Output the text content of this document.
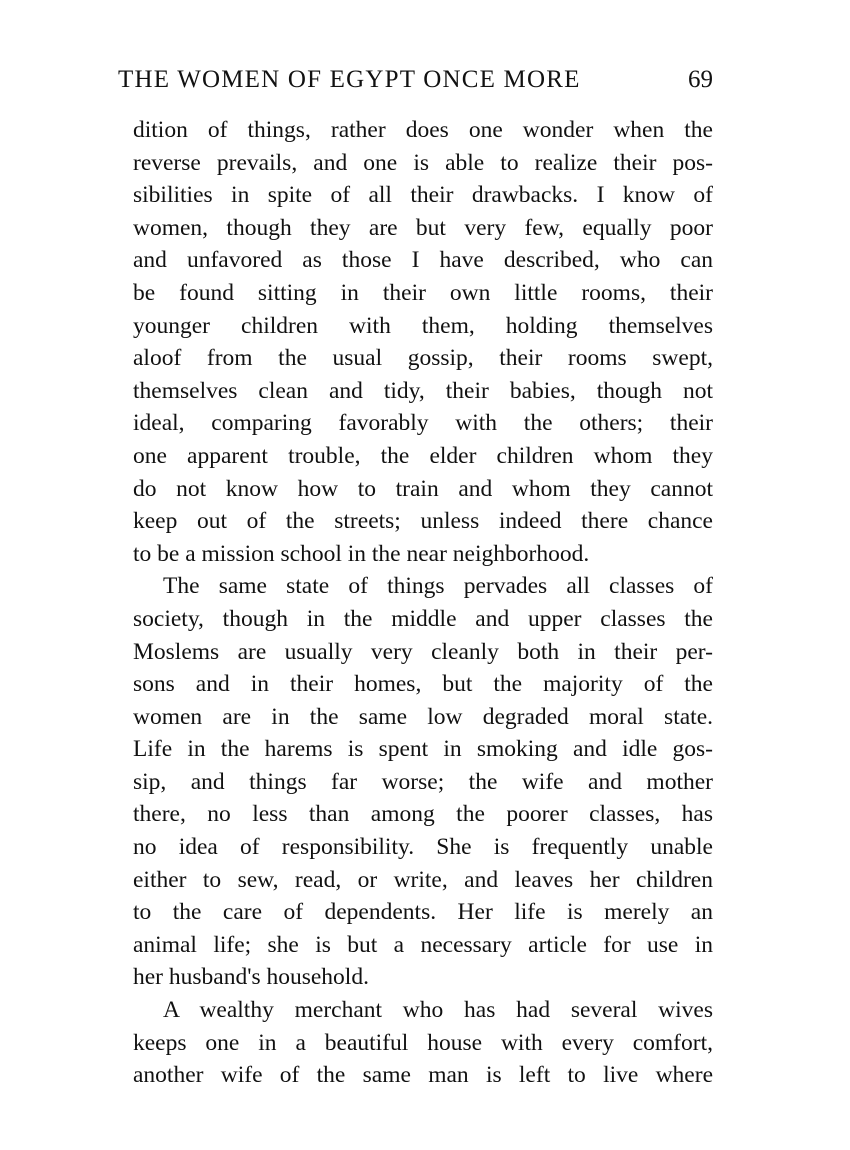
THE WOMEN OF EGYPT ONCE MORE	69
dition of things, rather does one wonder when the
reverse prevails, and one is able to realize their pos-
sibilities in spite of all their drawbacks. I know of
women, though they are but very few, equally poor
and unfavored as those I have described, who can
be found sitting in their own little rooms, their
younger children with them, holding themselves
aloof from the usual gossip, their rooms swept,
themselves clean and tidy, their babies, though not
ideal, comparing favorably with the others; their
one apparent trouble, the elder children whom they
do not know how to train and whom they cannot
keep out of the streets; unless indeed there chance
to be a mission school in the near neighborhood.
The same state of things pervades all classes of
society, though in the middle and upper classes the
Moslems are usually very cleanly both in their per-
sons and in their homes, but the majority of the
women are in the same low degraded moral state.
Life in the harems is spent in smoking and idle gos-
sip, and things far worse; the wife and mother
there, no less than among the poorer classes, has
no idea of responsibility. She is frequently unable
either to sew, read, or write, and leaves her children
to the care of dependents. Her life is merely an
animal life; she is but a necessary article for use in
her husband's household.
A wealthy merchant who has had several wives
keeps one in a beautiful house with every comfort,
another wife of the same man is left to live where
